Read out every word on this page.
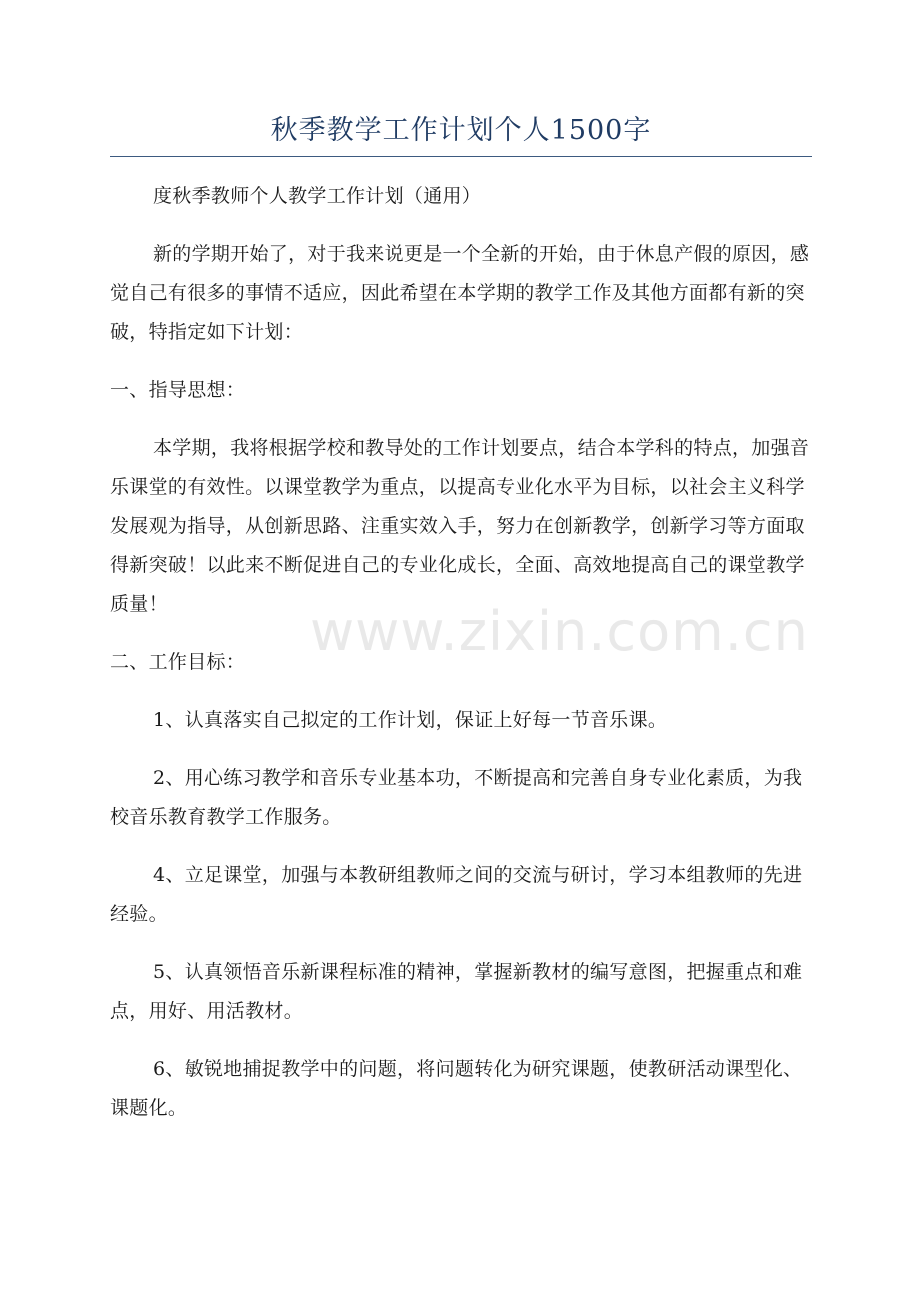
www.zixin.com.cn
秋季教学工作计划个人1500字

度秋季教师个人教学工作计划（通用）

新的学期开始了，对于我来说更是一个全新的开始，由于休息产假的原因，感觉自己有很多的事情不适应，因此希望在本学期的教学工作及其他方面都有新的突破，特指定如下计划：

一、指导思想：

本学期，我将根据学校和教导处的工作计划要点，结合本学科的特点，加强音乐课堂的有效性。以课堂教学为重点，以提高专业化水平为目标，以社会主义科学发展观为指导，从创新思路、注重实效入手，努力在创新教学，创新学习等方面取得新突破！以此来不断促进自己的专业化成长，全面、高效地提高自己的课堂教学质量！

二、工作目标：

1、认真落实自己拟定的工作计划，保证上好每一节音乐课。

2、用心练习教学和音乐专业基本功，不断提高和完善自身专业化素质，为我校音乐教育教学工作服务。

4、立足课堂，加强与本教研组教师之间的交流与研讨，学习本组教师的先进经验。

5、认真领悟音乐新课程标准的精神，掌握新教材的编写意图，把握重点和难点，用好、用活教材。

6、敏锐地捕捉教学中的问题，将问题转化为研究课题，使教研活动课型化、课题化。
